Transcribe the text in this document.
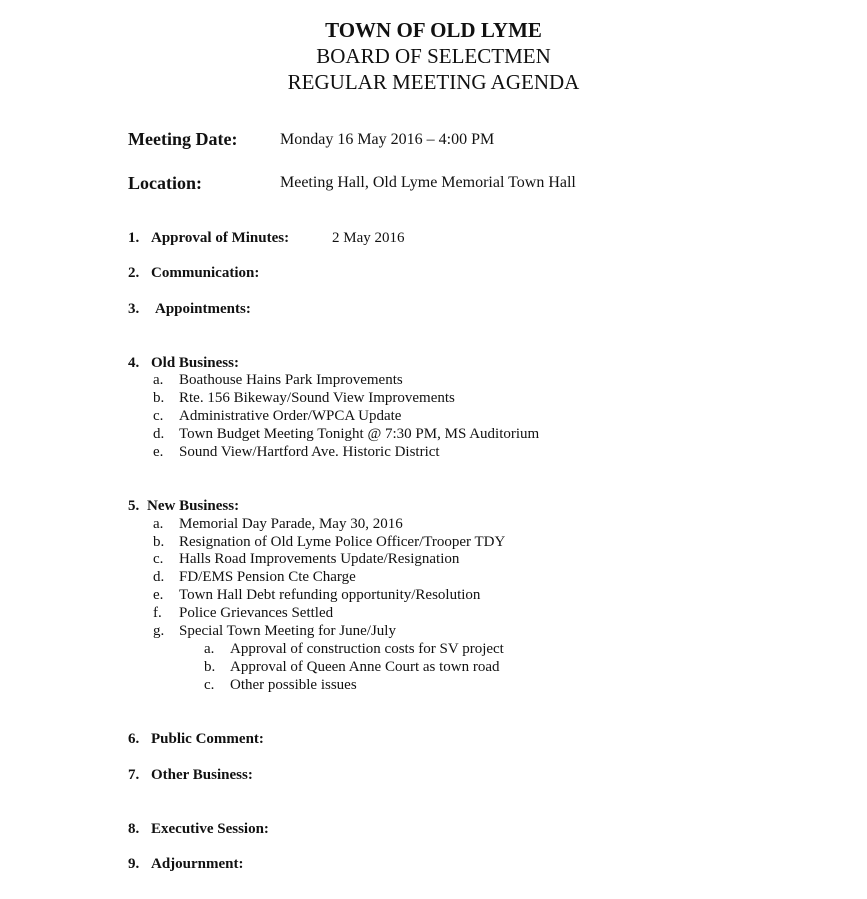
TOWN OF OLD LYME
BOARD OF SELECTMEN
REGULAR MEETING AGENDA
Meeting Date:	Monday 16 May 2016 – 4:00 PM
Location:	Meeting Hall, Old Lyme Memorial Town Hall
1. Approval of Minutes:	2 May 2016
2. Communication:
3. Appointments:
4. Old Business:
a. Boathouse Hains Park Improvements
b. Rte. 156 Bikeway/Sound View Improvements
c. Administrative Order/WPCA Update
d. Town Budget Meeting Tonight @ 7:30 PM, MS Auditorium
e. Sound View/Hartford Ave. Historic District
5. New Business:
a. Memorial Day Parade, May 30, 2016
b. Resignation of Old Lyme Police Officer/Trooper TDY
c. Halls Road Improvements Update/Resignation
d. FD/EMS Pension Cte Charge
e. Town Hall Debt refunding opportunity/Resolution
f. Police Grievances Settled
g. Special Town Meeting for June/July
a. Approval of construction costs for SV project
b. Approval of Queen Anne Court as town road
c. Other possible issues
6. Public Comment:
7. Other Business:
8. Executive Session:
9. Adjournment:
